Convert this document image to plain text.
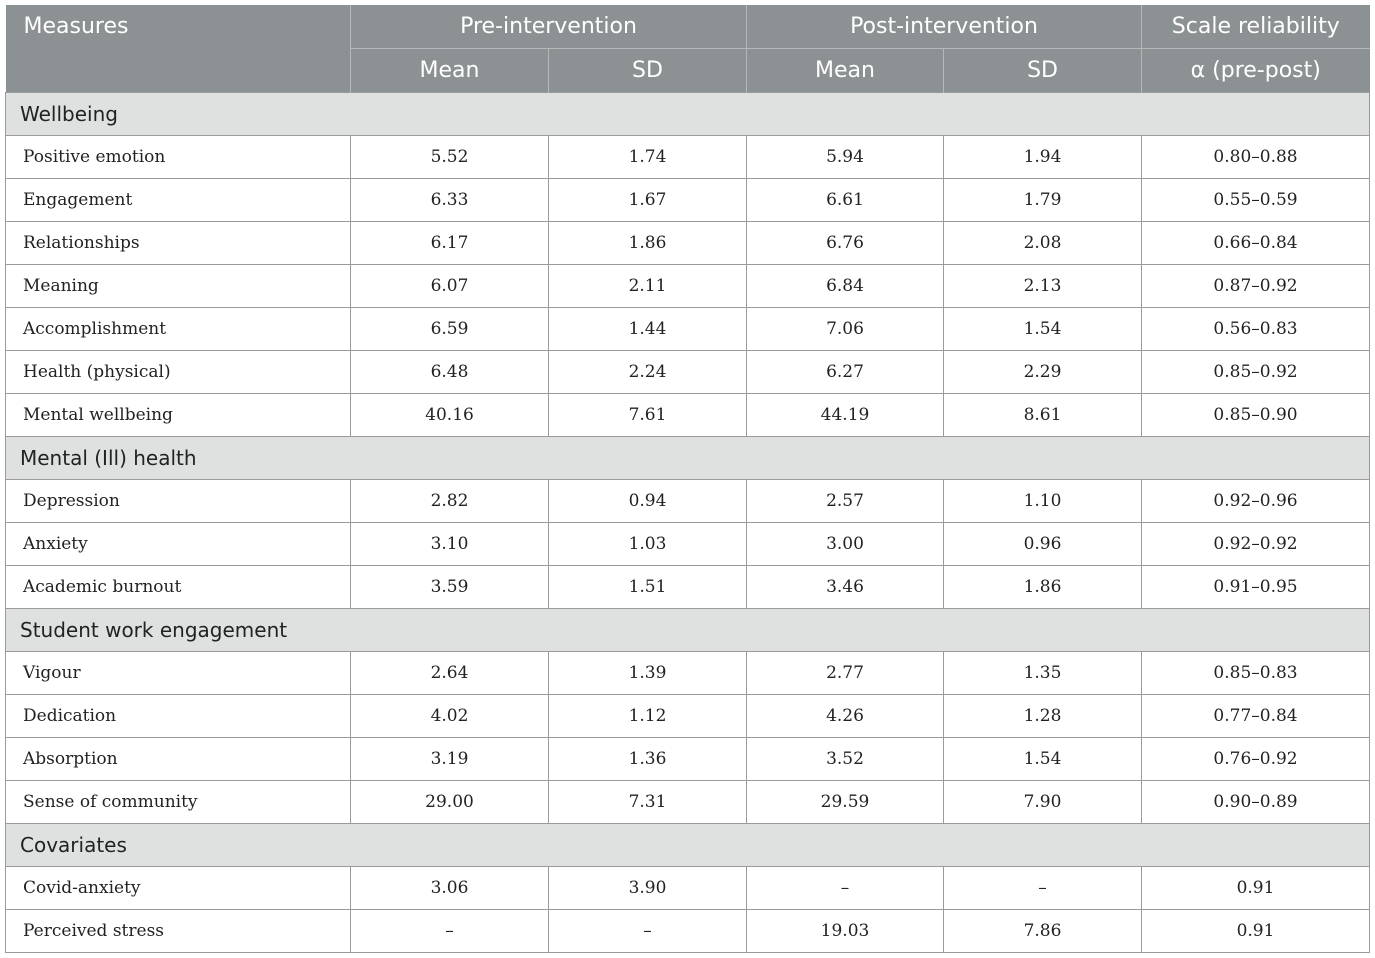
Measures	Pre-intervention		Post-intervention		Scale reliability
	Mean	SD	Mean	SD	α (pre-post)
Wellbeing					
Positive emotion	5.52	1.74	5.94	1.94	0.80–0.88
Engagement	6.33	1.67	6.61	1.79	0.55–0.59
Relationships	6.17	1.86	6.76	2.08	0.66–0.84
Meaning	6.07	2.11	6.84	2.13	0.87–0.92
Accomplishment	6.59	1.44	7.06	1.54	0.56–0.83
Health (physical)	6.48	2.24	6.27	2.29	0.85–0.92
Mental wellbeing	40.16	7.61	44.19	8.61	0.85–0.90
Mental (Ill) health					
Depression	2.82	0.94	2.57	1.10	0.92–0.96
Anxiety	3.10	1.03	3.00	0.96	0.92–0.92
Academic burnout	3.59	1.51	3.46	1.86	0.91–0.95
Student work engagement					
Vigour	2.64	1.39	2.77	1.35	0.85–0.83
Dedication	4.02	1.12	4.26	1.28	0.77–0.84
Absorption	3.19	1.36	3.52	1.54	0.76–0.92
Sense of community	29.00	7.31	29.59	7.90	0.90–0.89
Covariates					
Covid-anxiety	3.06	3.90	–	–	0.91
Perceived stress	–	–	19.03	7.86	0.91
